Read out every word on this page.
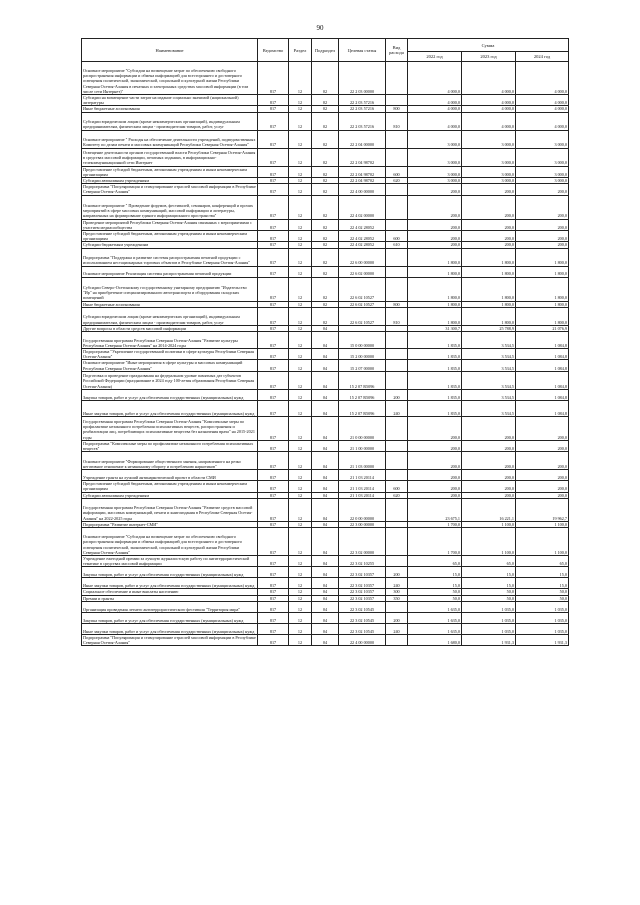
90
Наименование	Ведомство	Раздел	Подраздел	Целевая статья	Вид расхода	Сумма		
						2022 год	2023 год	2024 год
Основное мероприятие "Субсидии на возмещение затрат по обеспечению свободного распространения информации и обмена информацией для всестороннего и достоверного освещения политической, экономической, социальной и культурной жизни Республики Северная Осетия-Алания в печатных и электронных средствах массовой информации (в том числе сети Интернет)"	817	12	02	22 2 03 00000		4 000,0	4 000,0	4 000,0
Субсидии на возмещение части затрат на издание социально значимой (национальной) литературы	817	12	02	22 2 03 57216		4 000,0	4 000,0	4 000,0
Иные бюджетные ассигнования	817	12	02	22 2 03 57216	800	4 000,0	4 000,0	4 000,0
Субсидии юридическим лицам (кроме некоммерческих организаций), индивидуальным предпринимателям, физическим лицам - производителям товаров, работ, услуг	817	12	02	22 2 03 57216	810	4 000,0	4 000,0	4 000,0
Основное мероприятие " Расходы на обеспечение деятельности учреждений, подведомственных Комитету по делам печати и массовых коммуникаций Республики Северная Осетия-Алания"	817	12	02	22 2 04 00000		3 000,0	3 000,0	3 000,0
Освещение деятельности органов государственной власти Республики Северная Осетия-Алания в средствах массовой информации, печатных изданиях, в информационно-телекоммуникационной сети Интернет	817	12	02	22 2 04 98702		3 000,0	3 000,0	3 000,0
Предоставление субсидий бюджетным, автономным учреждениям и иным некоммерческим организациям	817	12	02	22 2 04 98702	600	3 000,0	3 000,0	3 000,0
Субсидии автономным учреждениям	817	12	02	22 2 04 98702	620	3 000,0	3 000,0	3 000,0
Подпрограмма "Популяризация и стимулирование отраслей массовой информации в Республике Северная Осетия-Алания"	817	12	02	22 4 00 00000		200,0	200,0	200,0
Основное мероприятие " Проведение форумов, фестивалей, семинаров, конференций и прочих мероприятий в сфере массовых коммуникаций, массовой информации и литературы, направленных на формирование единого информационного пространства"	817	12	02	22 4 02 00000		200,0	200,0	200,0
Проведение мероприятий Республики Северная Осетия-Алания связанных с мероприятиями с участием медиасообщества	817	12	02	22 4 02 28052		200,0	200,0	200,0
Предоставление субсидий бюджетным, автономным учреждениям и иным некоммерческим организациям	817	12	02	22 4 02 28052	600	200,0	200,0	200,0
Субсидии бюджетным учреждениям	817	12	02	22 4 02 28052	610	200,0	200,0	200,0
Подпрограмма "Поддержка и развитие системы распространения печатной продукции с использованием нестационарных торговых объектов в Республике Северная Осетия-Алания"	817	12	02	22 6 00 00000		1 800,0	1 800,0	1 800,0
Основное мероприятие Реализация системы распространения печатной продукции	817	12	02	22 6 02 00000		1 800,0	1 800,0	1 800,0
Субсидии Северо-Осетинскому государственному унитарному предприятию "Издательство "Ир" на приобретение специализированного автотранспорта и оборудования складских помещений	817	12	02	22 6 02 10527		1 800,0	1 800,0	1 800,0
Иные бюджетные ассигнования	817	12	02	22 6 02 10527	800	1 800,0	1 800,0	1 800,0
Субсидии юридическим лицам (кроме некоммерческих организаций), индивидуальным предпринимателям, физическим лицам - производителям товаров, работ, услуг	817	12	02	22 6 02 10527	810	1 800,0	1 800,0	1 800,0
Другие вопросы в области средств массовой информации	817	12	04			31 300,7	25 788,9	21 076,9
Государственная программа Республики Северная Осетия-Алания "Развитие культуры Республики Северная Осетия-Алания" на 2014-2024 годы	817	12	04	15 0 00 00000		1 835,0	3 534,5	1 084,8
Подпрограмма "Укрепление государственной политики в сфере культуры Республики Северная Осетия-Алания"	817	12	04	15 2 00 00000		1 835,0	3 534,5	1 084,8
Основное мероприятие "Иные мероприятия в сфере культуры и массовых коммуникаций Республики Северная Осетия-Алания"	817	12	04	15 2 07 00000		1 835,0	3 534,5	1 084,8
Подготовка и проведение празднования на федеральном уровне памятных дат субъектов Российской Федерации (празднование в 2024 году 100-летия образования Республики Северная Осетия-Алания)	817	12	04	15 2 07 R5096		1 835,0	3 534,5	1 084,8
Закупка товаров, работ и услуг для обеспечения государственных (муниципальных) нужд	817	12	04	15 2 07 R5096	200	1 835,0	3 534,5	1 084,8
Иные закупки товаров, работ и услуг для обеспечения государственных (муниципальных) нужд	817	12	04	15 2 07 R5096	240	1 835,0	3 534,5	1 084,8
Государственная программа Республики Северная Осетия-Алания "Комплексные меры по профилактике незаконного потребления психоактивных веществ, распространения и реабилитации лиц, потребляющих психоактивные вещества без назначения врача" на 2015-2021 годы	817	12	04	21 0 00 00000		200,0	200,0	200,0
Подпрограмма "Комплексные меры по профилактике незаконного потребления психоактивных веществ"	817	12	04	21 1 00 00000		200,0	200,0	200,0
Основное мероприятие "Формирование общественного мнения, направленного на резко негативное отношение к незаконному обороту и потреблению наркотиков"	817	12	04	21 1 03 00000		200,0	200,0	200,0
Учреждение гранта на лучший антинаркотический проект в области СМИ	817	12	04	21 1 03 20114		200,0	200,0	200,0
Предоставление субсидий бюджетным, автономным учреждениям и иным некоммерческим организациям	817	12	04	21 1 03 20114	600	200,0	200,0	200,0
Субсидии автономным учреждениям	817	12	04	21 1 03 20114	620	200,0	200,0	200,0
Государственная программа Республики Северная Осетия-Алания "Развитие средств массовой информации, массовых коммуникаций, печати и книгоиздания в Республике Северная Осетия-Алания" на 2022-2025 годы	817	12	04	22 0 00 00000		23 675,1	16 221,1	19 962,7
Подпрограмма "Развитие интернет-СМИ"	817	12	04	22 3 00 00000		1 700,0	1 100,0	1 100,0
Основное мероприятие "Субсидии на возмещение затрат по обеспечению свободного распространения информации и обмена информацией для всестороннего и достоверного освещения политической, экономической, социальной и культурной жизни Республики Северная Осетия-Алания"	817	12	04	22 3 02 00000		1 700,0	1 100,0	1 100,0
Учреждение ежегодной премии за лучшую журналистскую работу по антитеррористической тематике в средствах массовой информации	817	12	04	22 3 02 10255		65,0	65,0	65,0
Закупка товаров, работ и услуг для обеспечения государственных (муниципальных) нужд	817	12	04	22 3 02 10357	200	15,0	15,0	15,0
Иные закупки товаров, работ и услуг для обеспечения государственных (муниципальных) нужд	817	12	04	22 3 02 10357	240	15,0	15,0	15,0
Социальное обеспечение и иные выплаты населению	817	12	04	22 3 02 10357	300	50,0	50,0	50,0
Премии и гранты	817	12	04	22 3 02 10357	350	50,0	50,0	50,0
Организация проведения летнего антитеррористического фестиваля "Территория мира"	817	12	04	22 3 02 10545		1 635,0	1 035,0	1 035,0
Закупка товаров, работ и услуг для обеспечения государственных (муниципальных) нужд	817	12	04	22 3 02 10545	200	1 635,0	1 035,0	1 035,0
Иные закупки товаров, работ и услуг для обеспечения государственных (муниципальных) нужд	817	12	04	22 3 02 10545	240	1 635,0	1 035,0	1 035,0
Подпрограмма "Популяризация и стимулирование отраслей массовой информации в Республике Северная Осетия-Алания"	817	12	04	22 4 00 00000		1 680,0	1 931,3	1 931,3
